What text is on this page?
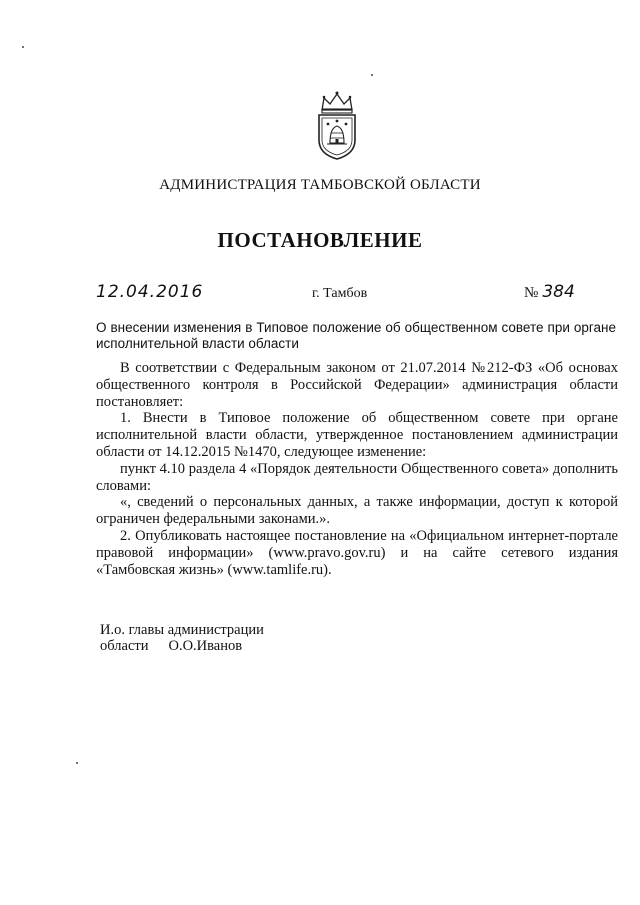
АДМИНИСТРАЦИЯ ТАМБОВСКОЙ ОБЛАСТИ
ПОСТАНОВЛЕНИЕ
12.04.2016	г. Тамбов	№ 384
О внесении изменения в Типовое положение об общественном совете при органе исполнительной власти области

В соответствии с Федеральным законом от 21.07.2014 №212-ФЗ «Об основах общественного контроля в Российской Федерации» администрация области постановляет:

1. Внести в Типовое положение об общественном совете при органе исполнительной власти области, утвержденное постановлением администрации области от 14.12.2015 №1470, следующее изменение:

пункт 4.10 раздела 4 «Порядок деятельности Общественного совета» дополнить словами:

«, сведений о персональных данных, а также информации, доступ к которой ограничен федеральными законами.».

2. Опубликовать настоящее постановление на «Официальном интернет-портале правовой информации» (www.pravo.gov.ru) и на сайте сетевого издания «Тамбовская жизнь» (www.tamlife.ru).

И.о. главы администрации
области О.О.Иванов
